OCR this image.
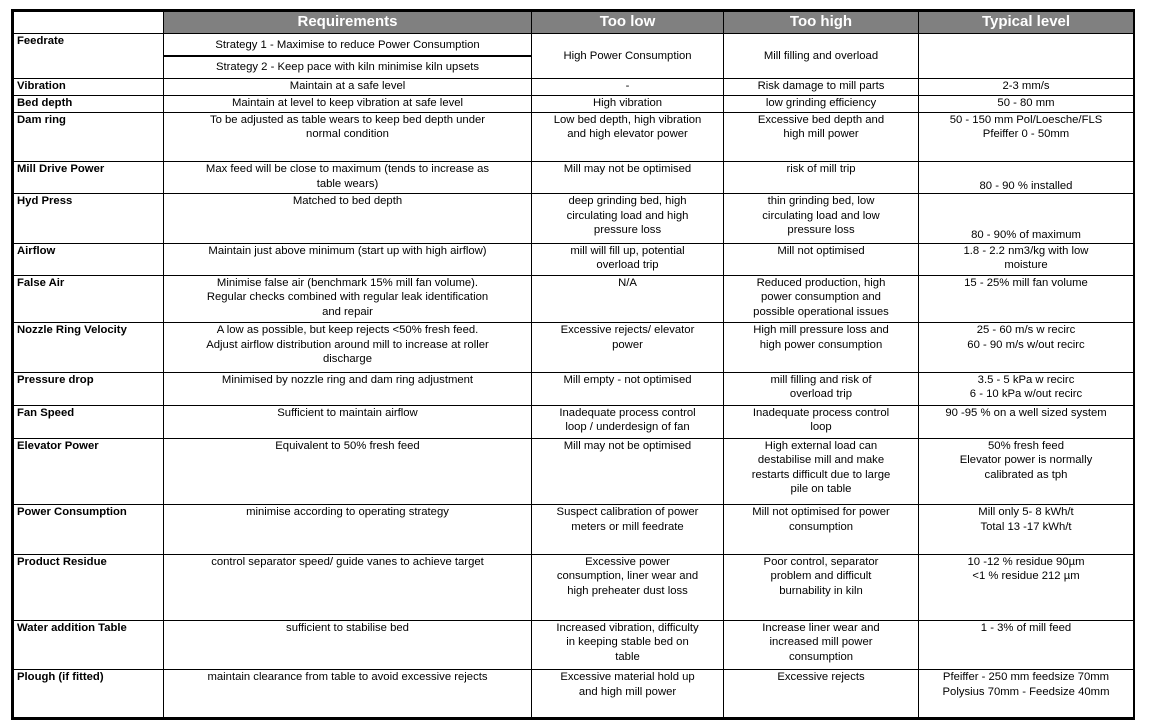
	Requirements	Too low	Too high	Typical level
Feedrate	Strategy 1 - Maximise to reduce Power Consumption
Strategy 2 - Keep pace with kiln minimise kiln upsets	High Power Consumption	Mill filling and overload	
Vibration	Maintain at a safe level	-	Risk damage to mill parts	2-3 mm/s
Bed depth	Maintain at level to keep vibration at safe level	High vibration	low grinding efficiency	50 - 80 mm
Dam ring	To be adjusted as table wears to keep bed depth under
normal condition	Low bed depth, high vibration
and high elevator power	Excessive bed depth and
high mill power	50 - 150 mm Pol/Loesche/FLS
Pfeiffer 0 - 50mm
Mill Drive Power	Max feed will be close to maximum (tends to increase as
table wears)	Mill may not be optimised	risk of mill trip	80 - 90 % installed
Hyd Press	Matched to bed depth	deep grinding bed, high
circulating load and high
pressure loss	thin grinding bed, low
circulating load and low
pressure loss	80 - 90% of maximum
Airflow	Maintain just above minimum (start up with high airflow)	mill will fill up, potential
overload trip	Mill not optimised	1.8 - 2.2 nm3/kg with low
moisture
False Air	Minimise false air (benchmark 15% mill fan volume).
Regular checks combined with regular leak identification
and repair	N/A	Reduced production, high
power consumption and
possible operational issues	15 - 25% mill fan volume
Nozzle Ring Velocity	A low as possible, but keep rejects <50% fresh feed.
Adjust airflow distribution around mill to increase at roller
discharge	Excessive rejects/ elevator
power	High mill pressure loss and
high power consumption	25 - 60 m/s w recirc
60 - 90 m/s w/out recirc
Pressure drop	Minimised by nozzle ring and dam ring adjustment	Mill empty - not optimised	mill filling and risk of
overload trip	3.5 - 5 kPa w recirc
6 - 10 kPa w/out recirc
Fan Speed	Sufficient to maintain airflow	Inadequate process control
loop / underdesign of fan	Inadequate process control
loop	90 -95 % on a well sized system
Elevator Power	Equivalent to 50% fresh feed	Mill may not be optimised	High external load can
destabilise mill and make
restarts difficult due to large
pile on table	50% fresh feed
Elevator power is normally
calibrated as tph
Power Consumption	minimise according to operating strategy	Suspect calibration of power
meters or mill feedrate	Mill not optimised for power
consumption	Mill only 5- 8 kWh/t
Total 13 -17 kWh/t
Product Residue	control separator speed/ guide vanes to achieve target	Excessive power
consumption, liner wear and
high preheater dust loss	Poor control, separator
problem and difficult
burnability in kiln	10 -12 % residue 90µm
<1 % residue 212 µm
Water addition Table	sufficient to stabilise bed	Increased vibration, difficulty
in keeping stable bed on
table	Increase liner wear and
increased mill power
consumption	1 - 3% of mill feed
Plough (if fitted)	maintain clearance from table to avoid excessive rejects	Excessive material hold up
and high mill power	Excessive rejects	Pfeiffer - 250 mm feedsize 70mm
Polysius 70mm - Feedsize 40mm
